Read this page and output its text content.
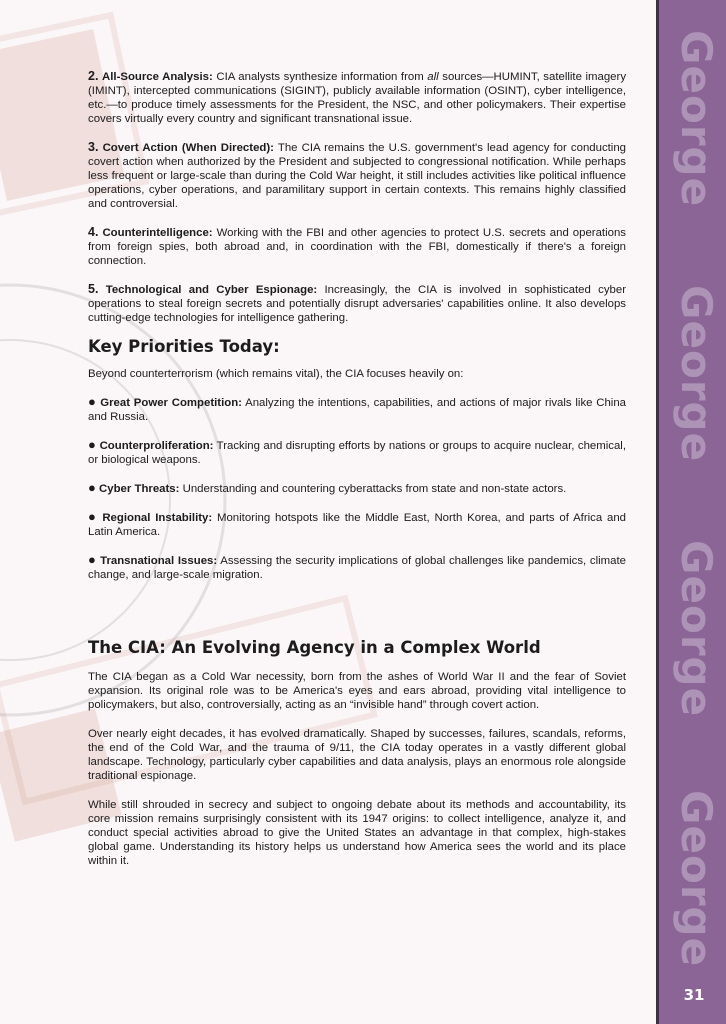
George
George
George
George
31

2. All-Source Analysis: CIA analysts synthesize information from all sources—HUMINT, satellite imagery (IMINT), intercepted communications (SIGINT), publicly available information (OSINT), cyber intelligence, etc.—to produce timely assessments for the President, the NSC, and other policymakers. Their expertise covers virtually every country and significant transnational issue.

3. Covert Action (When Directed): The CIA remains the U.S. government's lead agency for conducting covert action when authorized by the President and subjected to congressional notification. While perhaps less frequent or large-scale than during the Cold War height, it still includes activities like political influence operations, cyber operations, and paramilitary support in certain contexts. This remains highly classified and controversial.

4. Counterintelligence: Working with the FBI and other agencies to protect U.S. secrets and operations from foreign spies, both abroad and, in coordination with the FBI, domestically if there's a foreign connection.

5. Technological and Cyber Espionage: Increasingly, the CIA is involved in sophisticated cyber operations to steal foreign secrets and potentially disrupt adversaries' capabilities online. It also develops cutting-edge technologies for intelligence gathering.

Key Priorities Today:

Beyond counterterrorism (which remains vital), the CIA focuses heavily on:

● Great Power Competition: Analyzing the intentions, capabilities, and actions of major rivals like China and Russia.

● Counterproliferation: Tracking and disrupting efforts by nations or groups to acquire nuclear, chemical, or biological weapons.

● Cyber Threats: Understanding and countering cyberattacks from state and non-state actors.

● Regional Instability: Monitoring hotspots like the Middle East, North Korea, and parts of Africa and Latin America.

● Transnational Issues: Assessing the security implications of global challenges like pandemics, climate change, and large-scale migration.

The CIA: An Evolving Agency in a Complex World

The CIA began as a Cold War necessity, born from the ashes of World War II and the fear of Soviet expansion. Its original role was to be America's eyes and ears abroad, providing vital intelligence to policymakers, but also, controversially, acting as an “invisible hand” through covert action.

Over nearly eight decades, it has evolved dramatically. Shaped by successes, failures, scandals, reforms, the end of the Cold War, and the trauma of 9/11, the CIA today operates in a vastly different global landscape. Technology, particularly cyber capabilities and data analysis, plays an enormous role alongside traditional espionage.

While still shrouded in secrecy and subject to ongoing debate about its methods and accountability, its core mission remains surprisingly consistent with its 1947 origins: to collect intelligence, analyze it, and conduct special activities abroad to give the United States an advantage in that complex, high-stakes global game. Understanding its history helps us understand how America sees the world and its place within it.
